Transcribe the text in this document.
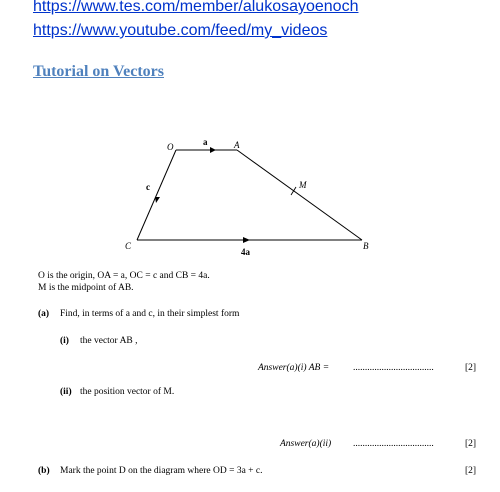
https://www.tes.com/member/alukosayoenoch
https://www.youtube.com/feed/my_videos
Tutorial on Vectors
O	A
B
C
M
a
c
4a
O is the origin, OA = a, OC = c and CB = 4a.
M is the midpoint of AB.
(a) Find, in terms of a and c, in their simplest form
(i) the vector AB ,
Answer(a)(i) AB =	..................................	[2]
(ii) the position vector of M.
Answer(a)(ii) ..................................	[2]
(b) Mark the point D on the diagram where OD = 3a + c.	[2]
